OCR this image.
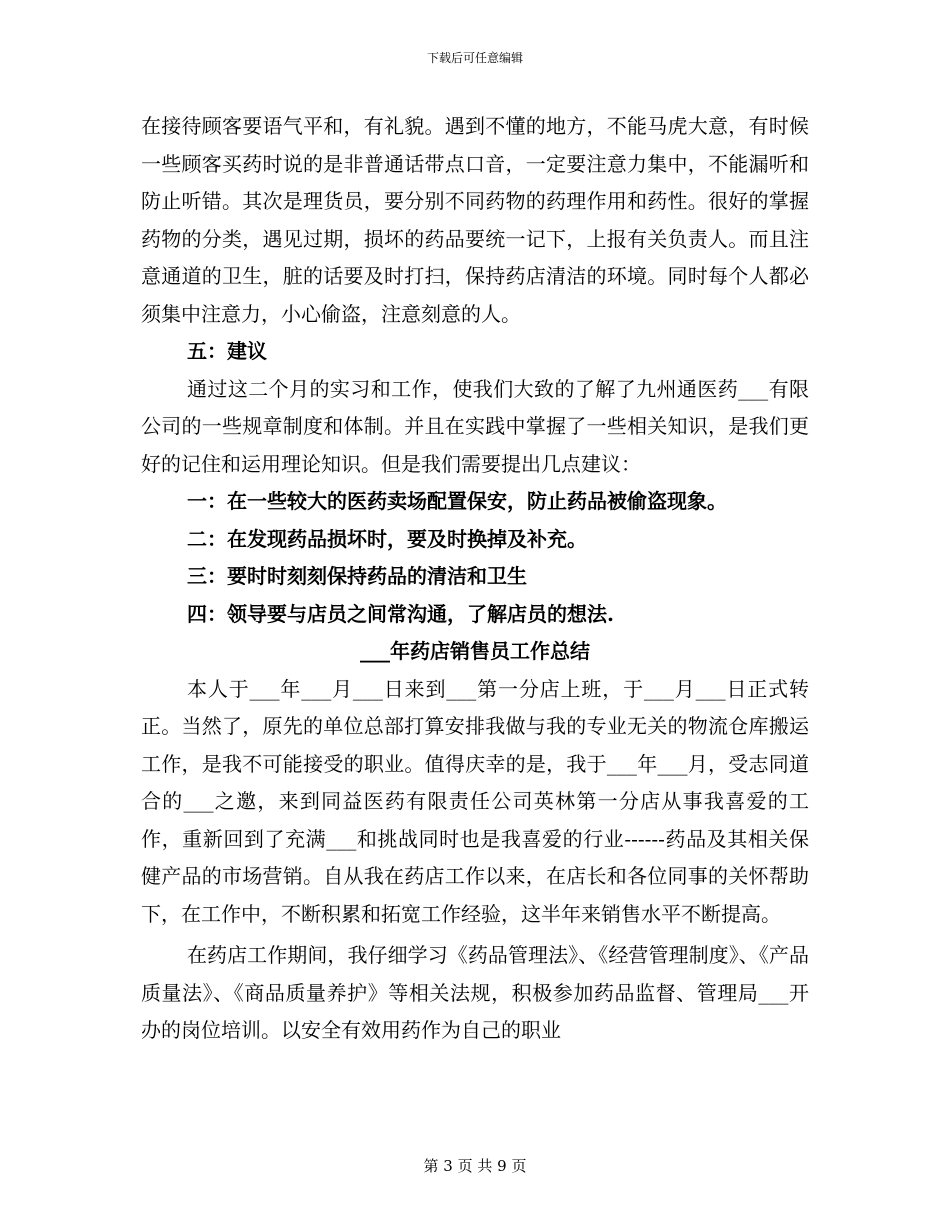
下载后可任意编辑

在接待顾客要语气平和，有礼貌。遇到不懂的地方，不能马虎大意，有时候一些顾客买药时说的是非普通话带点口音，一定要注意力集中，不能漏听和防止听错。其次是理货员，要分别不同药物的药理作用和药性。很好的掌握药物的分类，遇见过期，损坏的药品要统一记下，上报有关负责人。而且注意通道的卫生，脏的话要及时打扫，保持药店清洁的环境。同时每个人都必须集中注意力，小心偷盗，注意刻意的人。

五：建议

通过这二个月的实习和工作，使我们大致的了解了九州通医药___有限公司的一些规章制度和体制。并且在实践中掌握了一些相关知识，是我们更好的记住和运用理论知识。但是我们需要提出几点建议：

一：在一些较大的医药卖场配置保安，防止药品被偷盗现象。

二：在发现药品损坏时，要及时换掉及补充。

三：要时时刻刻保持药品的清洁和卫生

四：领导要与店员之间常沟通，了解店员的想法.

___年药店销售员工作总结

本人于___年___月___日来到___第一分店上班，于___月___日正式转正。当然了，原先的单位总部打算安排我做与我的专业无关的物流仓库搬运工作，是我不可能接受的职业。值得庆幸的是，我于___年___月，受志同道合的___之邀，来到同益医药有限责任公司英林第一分店从事我喜爱的工作，重新回到了充满___和挑战同时也是我喜爱的行业------药品及其相关保健产品的市场营销。自从我在药店工作以来，在店长和各位同事的关怀帮助下，在工作中，不断积累和拓宽工作经验，这半年来销售水平不断提高。

在药店工作期间，我仔细学习《药品管理法》、《经营管理制度》、《产品质量法》、《商品质量养护》等相关法规，积极参加药品监督、管理局___开办的岗位培训。以安全有效用药作为自己的职业

第 3 页 共 9 页
